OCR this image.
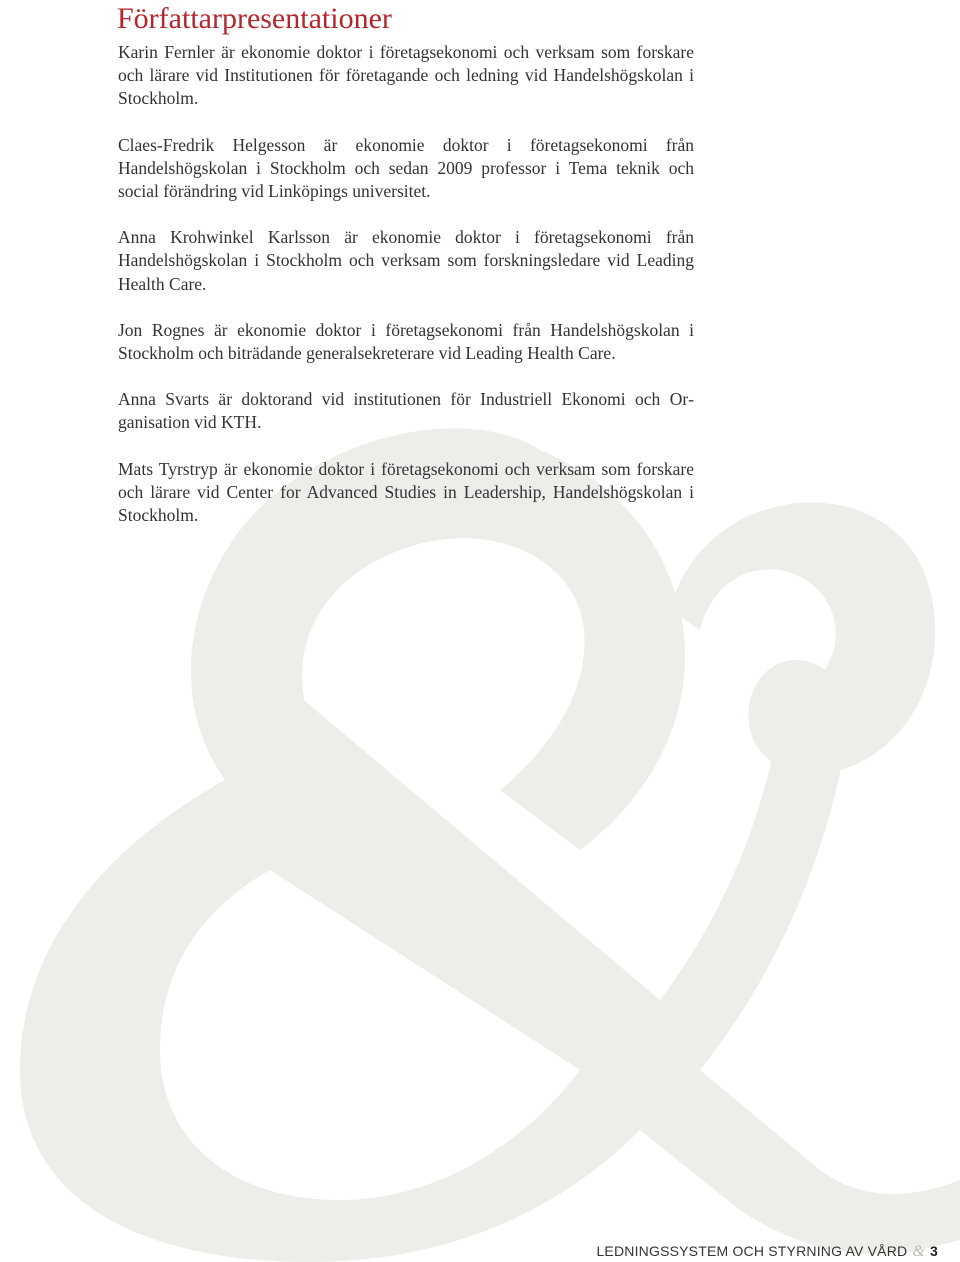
Författarpresentationer

Karin Fernler är ekonomie doktor i företagsekonomi och verksam som forskare och lärare vid Institutionen för företagande och ledning vid Handelshögskolan i Stockholm.

Claes-Fredrik Helgesson är ekonomie doktor i företagsekonomi från Handelshögskolan i Stockholm och sedan 2009 professor i Tema teknik och social förändring vid Linköpings universitet.

Anna Krohwinkel Karlsson är ekonomie doktor i företagsekonomi från Handelshögskolan i Stockholm och verksam som forskningsledare vid Leading Health Care.

Jon Rognes är ekonomie doktor i företagsekonomi från Handelshögskolan i Stockholm och biträdande generalsekreterare vid Leading Health Care.

Anna Svarts är doktorand vid institutionen för Industriell Ekonomi och Organisation vid KTH.

Mats Tyrstryp är ekonomie doktor i företagsekonomi och verksam som forskare och lärare vid Center for Advanced Studies in Leadership, Handelshögskolan i Stockholm.

LEDNINGSSYSTEM OCH STYRNING AV VÅRD & 3
